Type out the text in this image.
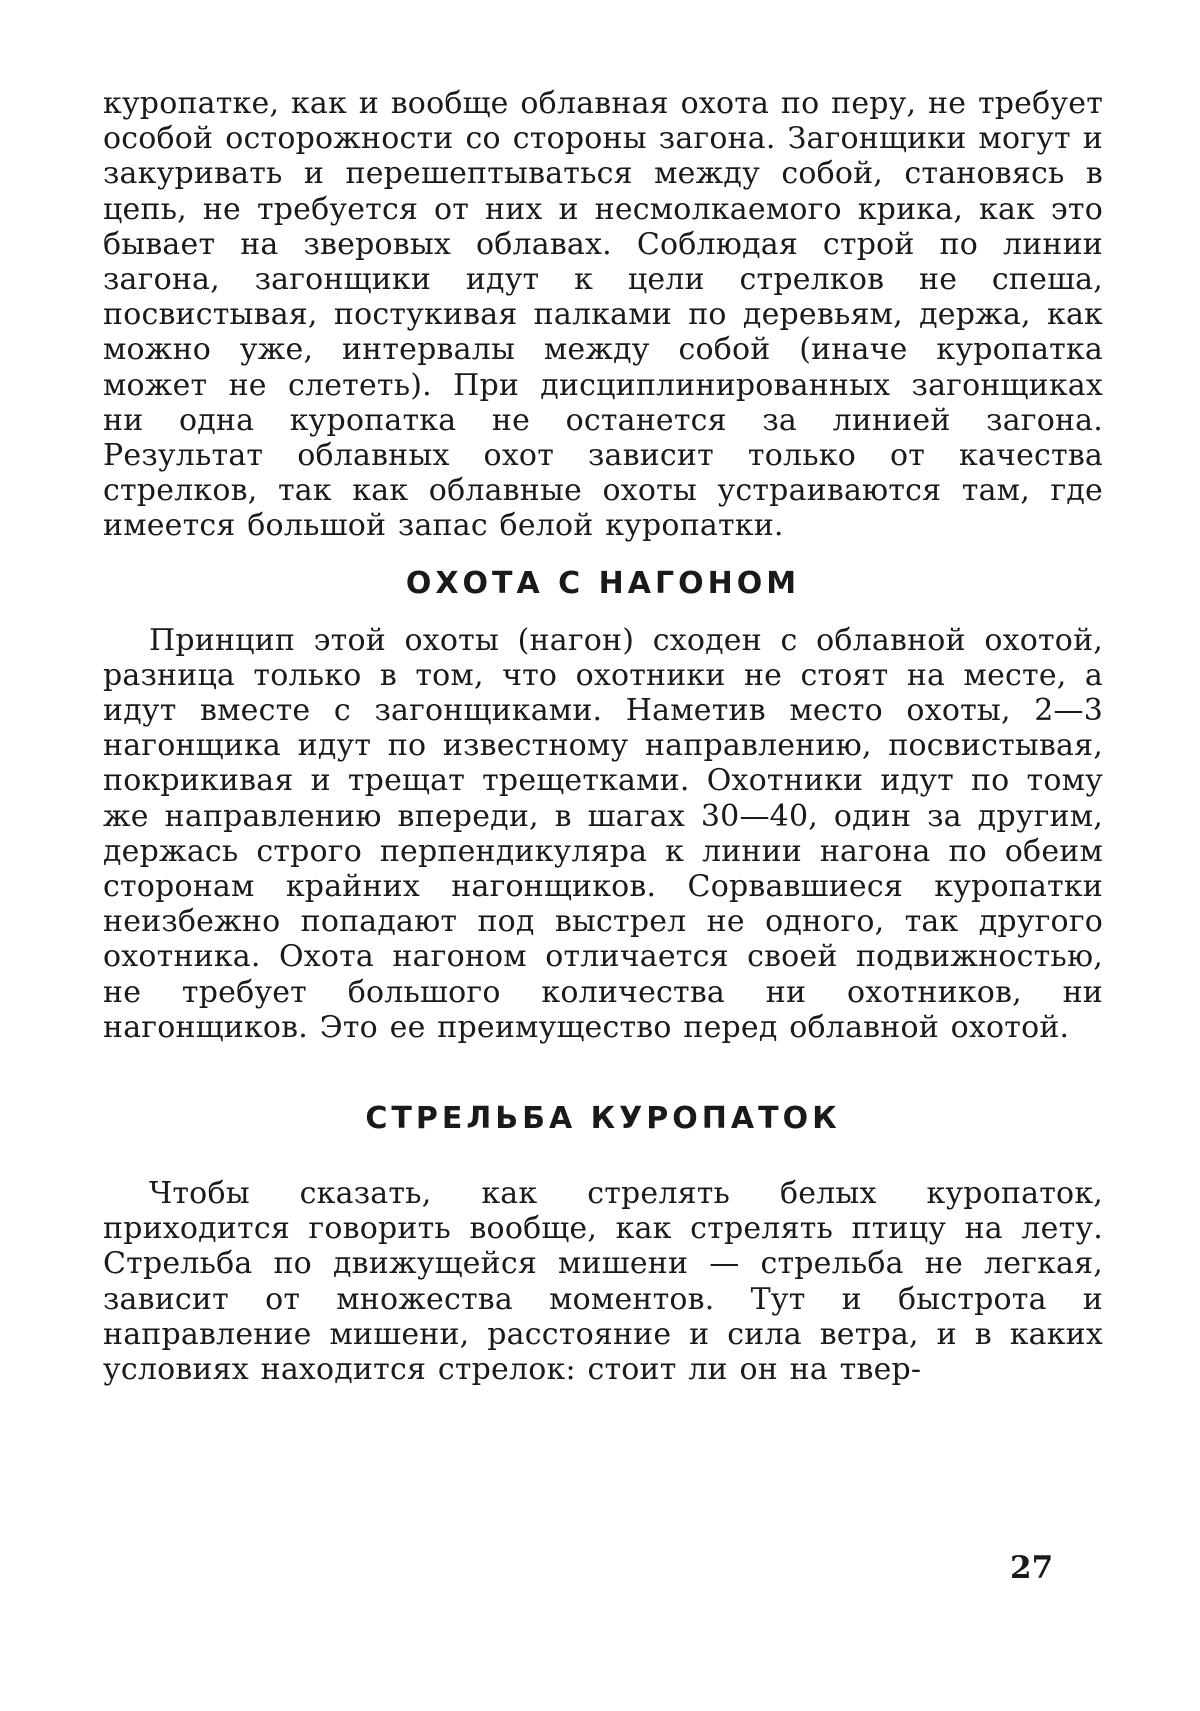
куропатке, как и вообще облавная охота по перу, не требует особой осторожности со стороны загона. Загонщики могут и закуривать и перешептываться между собой, становясь в цепь, не требуется от них и несмолкаемого крика, как это бывает на зверовых облавах. Соблюдая строй по линии загона, загонщики идут к цели стрелков не спеша, посвистывая, постукивая палками по деревьям, держа, как можно уже, интервалы между собой (иначе куропатка может не слететь). При дисциплинированных загонщиках ни одна куропатка не останется за линией загона. Результат облавных охот зависит только от качества стрелков, так как облавные охоты устраиваются там, где имеется большой запас белой куропатки.

ОХОТА С НАГОНОМ

Принцип этой охоты (нагон) сходен с облавной охотой, разница только в том, что охотники не стоят на месте, а идут вместе с загонщиками. Наметив место охоты, 2—3 нагонщика идут по известному направлению, посвистывая, покрикивая и трещат трещетками. Охотники идут по тому же направлению впереди, в шагах 30—40, один за другим, держась строго перпендикуляра к линии нагона по обеим сторонам крайних нагонщиков. Сорвавшиеся куропатки неизбежно попадают под выстрел не одного, так другого охотника. Охота нагоном отличается своей подвижностью, не требует большого количества ни охотников, ни нагонщиков. Это ее преимущество перед облавной охотой.

СТРЕЛЬБА КУРОПАТОК

Чтобы сказать, как стрелять белых куропаток, приходится говорить вообще, как стрелять птицу на лету. Стрельба по движущейся мишени — стрельба не легкая, зависит от множества моментов. Тут и быстрота и направление мишени, расстояние и сила ветра, и в каких условиях находится стрелок: стоит ли он на твер-

27
